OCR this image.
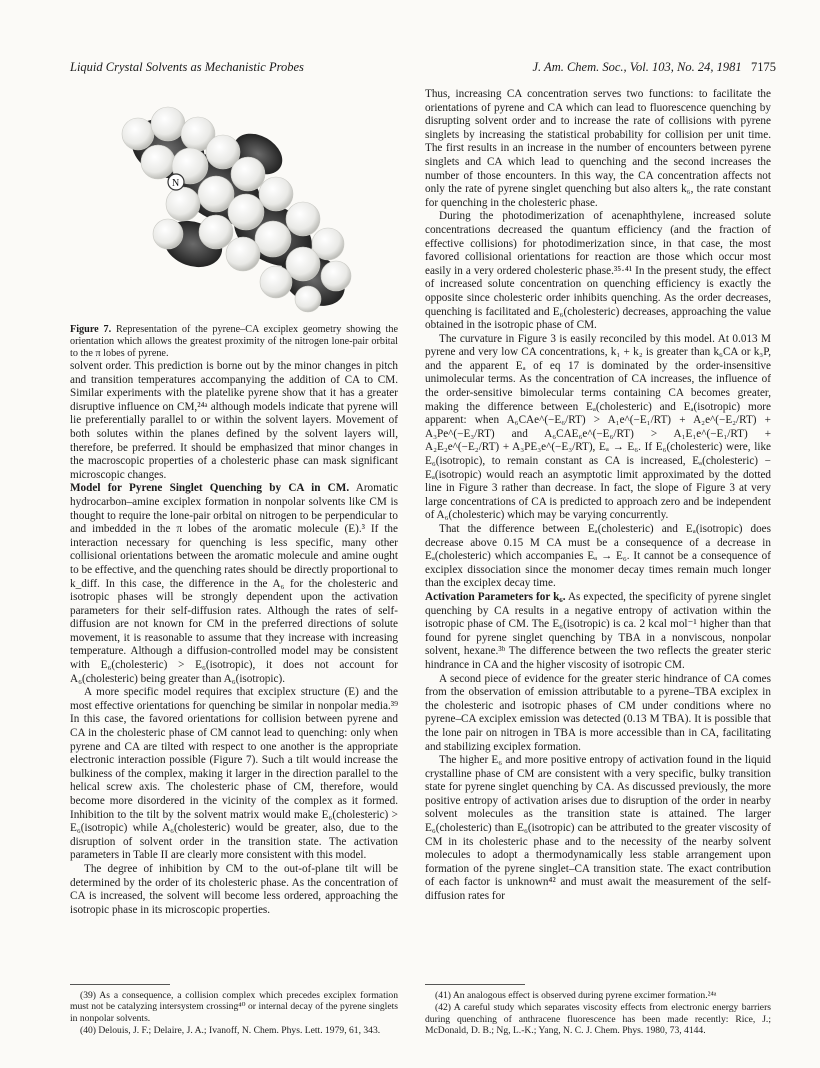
Liquid Crystal Solvents as Mechanistic Probes	J. Am. Chem. Soc., Vol. 103, No. 24, 1981 7175
N

Figure 7. Representation of the pyrene–CA exciplex geometry showing the orientation which allows the greatest proximity of the nitrogen lone-pair orbital to the π lobes of pyrene.

solvent order. This prediction is borne out by the minor changes in pitch and transition temperatures accompanying the addition of CA to CM. Similar experiments with the platelike pyrene show that it has a greater disruptive influence on CM,²⁴ᵃ although models indicate that pyrene will lie preferentially parallel to or within the solvent layers. Movement of both solutes within the planes defined by the solvent layers will, therefore, be preferred. It should be emphasized that minor changes in the macroscopic properties of a cholesteric phase can mask significant microscopic changes.

Model for Pyrene Singlet Quenching by CA in CM. Aromatic hydrocarbon–amine exciplex formation in nonpolar solvents like CM is thought to require the lone-pair orbital on nitrogen to be perpendicular to and imbedded in the π lobes of the aromatic molecule (E).³ If the interaction necessary for quenching is less specific, many other collisional orientations between the aromatic molecule and amine ought to be effective, and the quenching rates should be directly proportional to k_diff. In this case, the difference in the A₆ for the cholesteric and isotropic phases will be strongly dependent upon the activation parameters for their self-diffusion rates. Although the rates of self-diffusion are not known for CM in the preferred directions of solute movement, it is reasonable to assume that they increase with increasing temperature. Although a diffusion-controlled model may be consistent with E₆(cholesteric) > E₆(isotropic), it does not account for A₆(cholesteric) being greater than A₆(isotropic).

A more specific model requires that exciplex structure (E) and the most effective orientations for quenching be similar in nonpolar media.³⁹ In this case, the favored orientations for collision between pyrene and CA in the cholesteric phase of CM cannot lead to quenching: only when pyrene and CA are tilted with respect to one another is the appropriate electronic interaction possible (Figure 7). Such a tilt would increase the bulkiness of the complex, making it larger in the direction parallel to the helical screw axis. The cholesteric phase of CM, therefore, would become more disordered in the vicinity of the complex as it formed. Inhibition to the tilt by the solvent matrix would make E₆(cholesteric) > E₆(isotropic) while A₆(cholesteric) would be greater, also, due to the disruption of solvent order in the transition state. The activation parameters in Table II are clearly more consistent with this model.

The degree of inhibition by CM to the out-of-plane tilt will be determined by the order of its cholesteric phase. As the concentration of CA is increased, the solvent will become less ordered, approaching the isotropic phase in its microscopic properties.

Thus, increasing CA concentration serves two functions: to facilitate the orientations of pyrene and CA which can lead to fluorescence quenching by disrupting solvent order and to increase the rate of collisions with pyrene singlets by increasing the statistical probability for collision per unit time. The first results in an increase in the number of encounters between pyrene singlets and CA which lead to quenching and the second increases the number of those encounters. In this way, the CA concentration affects not only the rate of pyrene singlet quenching but also alters k₆, the rate constant for quenching in the cholesteric phase.

During the photodimerization of acenaphthylene, increased solute concentrations decreased the quantum efficiency (and the fraction of effective collisions) for photodimerization since, in that case, the most favored collisional orientations for reaction are those which occur most easily in a very ordered cholesteric phase.³⁵·⁴¹ In the present study, the effect of increased solute concentration on quenching efficiency is exactly the opposite since cholesteric order inhibits quenching. As the order decreases, quenching is facilitated and E₆(cholesteric) decreases, approaching the value obtained in the isotropic phase of CM.

The curvature in Figure 3 is easily reconciled by this model. At 0.013 M pyrene and very low CA concentrations, k₁ + k₂ is greater than k₆CA or k₃P, and the apparent Eₐ of eq 17 is dominated by the order-insensitive unimolecular terms. As the concentration of CA increases, the influence of the order-sensitive bimolecular terms containing CA becomes greater, making the difference between Eₐ(cholesteric) and Eₐ(isotropic) more apparent: when A₆CAe^(−E₆/RT) > A₁e^(−E₁/RT) + A₂e^(−E₂/RT) + A₃Pe^(−E₃/RT) and A₆CAE₆e^(−E₆/RT) > A₁E₁e^(−E₁/RT) + A₂E₂e^(−E₂/RT) + A₃PE₃e^(−E₃/RT), Eₐ → E₆. If E₆(cholesteric) were, like E₆(isotropic), to remain constant as CA is increased, Eₐ(cholesteric) − Eₐ(isotropic) would reach an asymptotic limit approximated by the dotted line in Figure 3 rather than decrease. In fact, the slope of Figure 3 at very large concentrations of CA is predicted to approach zero and be independent of A₆(cholesteric) which may be varying concurrently.

That the difference between Eₐ(cholesteric) and Eₐ(isotropic) does decrease above 0.15 M CA must be a consequence of a decrease in Eₐ(cholesteric) which accompanies Eₐ → E₆. It cannot be a consequence of exciplex dissociation since the monomer decay times remain much longer than the exciplex decay time.

Activation Parameters for k₆. As expected, the specificity of pyrene singlet quenching by CA results in a negative entropy of activation within the isotropic phase of CM. The E₆(isotropic) is ca. 2 kcal mol⁻¹ higher than that found for pyrene singlet quenching by TBA in a nonviscous, nonpolar solvent, hexane.³ᵇ The difference between the two reflects the greater steric hindrance in CA and the higher viscosity of isotropic CM.

A second piece of evidence for the greater steric hindrance of CA comes from the observation of emission attributable to a pyrene–TBA exciplex in the cholesteric and isotropic phases of CM under conditions where no pyrene–CA exciplex emission was detected (0.13 M TBA). It is possible that the lone pair on nitrogen in TBA is more accessible than in CA, facilitating and stabilizing exciplex formation.

The higher E₆ and more positive entropy of activation found in the liquid crystalline phase of CM are consistent with a very specific, bulky transition state for pyrene singlet quenching by CA. As discussed previously, the more positive entropy of activation arises due to disruption of the order in nearby solvent molecules as the transition state is attained. The larger E₆(cholesteric) than E₆(isotropic) can be attributed to the greater viscosity of CM in its cholesteric phase and to the necessity of the nearby solvent molecules to adopt a thermodynamically less stable arrangement upon formation of the pyrene singlet–CA transition state. The exact contribution of each factor is unknown⁴² and must await the measurement of the self-diffusion rates for

(39) As a consequence, a collision complex which precedes exciplex formation must not be catalyzing intersystem crossing⁴⁰ or internal decay of the pyrene singlets in nonpolar solvents.

(40) Delouis, J. F.; Delaire, J. A.; Ivanoff, N. Chem. Phys. Lett. 1979, 61, 343.

(41) An analogous effect is observed during pyrene excimer formation.²⁴ᵃ

(42) A careful study which separates viscosity effects from electronic energy barriers during quenching of anthracene fluorescence has been made recently: Rice, J.; McDonald, D. B.; Ng, L.-K.; Yang, N. C. J. Chem. Phys. 1980, 73, 4144.
